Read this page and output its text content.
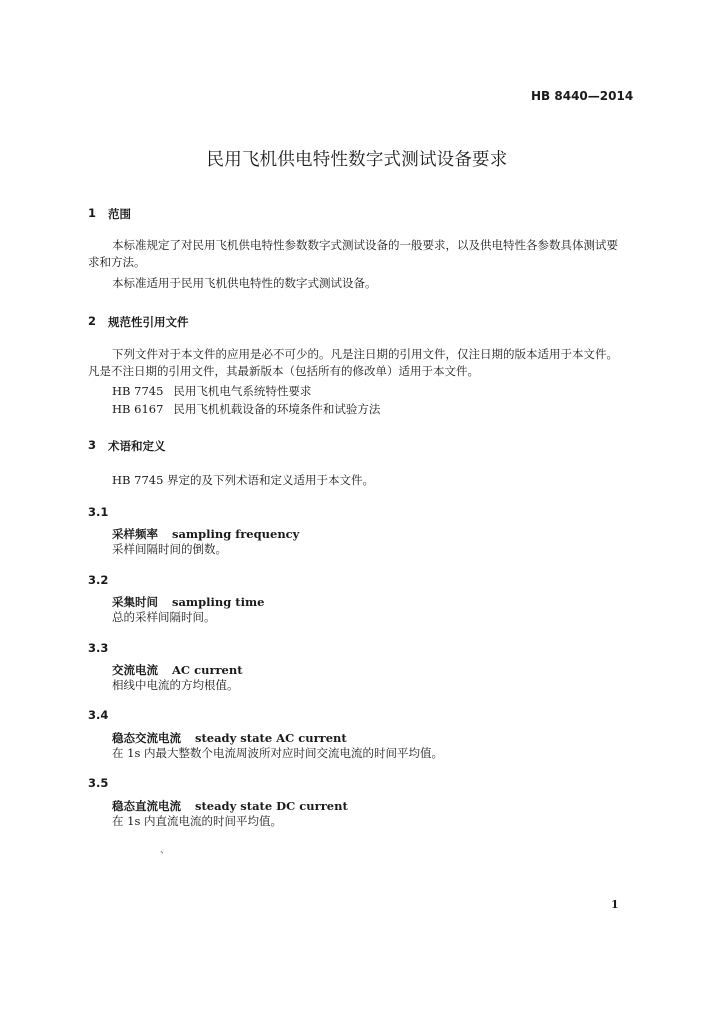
HB 8440—2014
民用飞机供电特性数字式测试设备要求
1 范围
本标准规定了对民用飞机供电特性参数数字式测试设备的一般要求，以及供电特性各参数具体测试要求和方法。
本标准适用于民用飞机供电特性的数字式测试设备。
2 规范性引用文件
下列文件对于本文件的应用是必不可少的。凡是注日期的引用文件，仅注日期的版本适用于本文件。凡是不注日期的引用文件，其最新版本（包括所有的修改单）适用于本文件。
HB 7745 民用飞机电气系统特性要求
HB 6167 民用飞机机载设备的环境条件和试验方法
3 术语和定义
HB 7745 界定的及下列术语和定义适用于本文件。
3.1
采样频率 sampling frequency
采样间隔时间的倒数。
3.2
采集时间 sampling time
总的采样间隔时间。
3.3
交流电流 AC current
相线中电流的方均根值。
3.4
稳态交流电流 steady state AC current
在 1s 内最大整数个电流周波所对应时间交流电流的时间平均值。
3.5
稳态直流电流 steady state DC current
在 1s 内直流电流的时间平均值。
、
1
